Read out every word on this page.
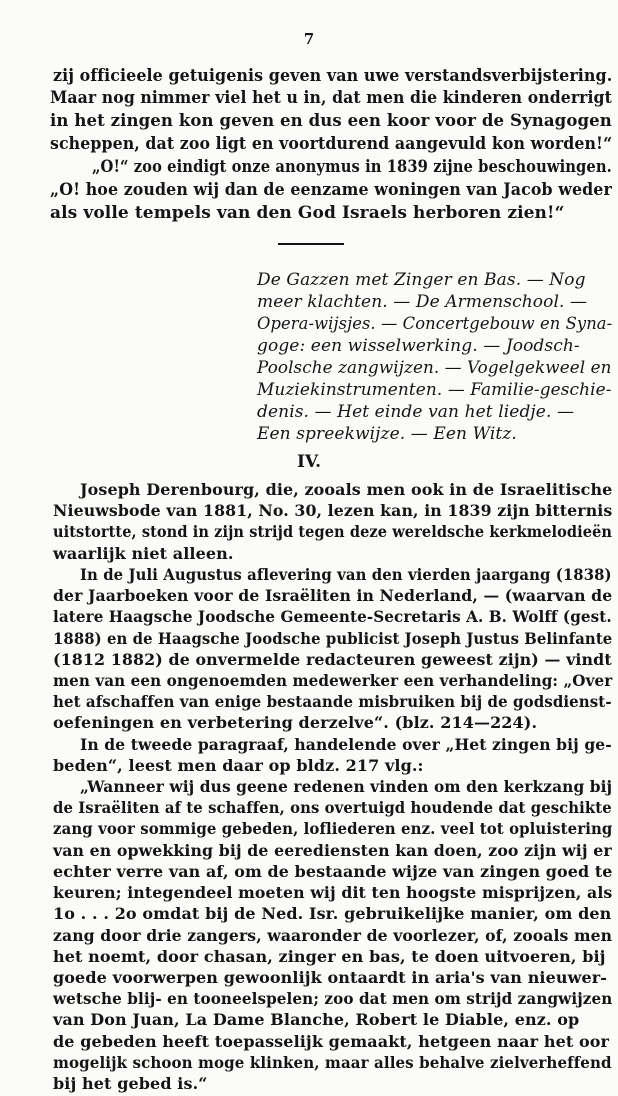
7
zij officieele getuigenis geven van uwe verstandsverbijstering.
Maar nog nimmer viel het u in, dat men die kinderen onderrigt
in het zingen kon geven en dus een koor voor de Synagogen
scheppen, dat zoo ligt en voortdurend aangevuld kon worden!“
„O!“ zoo eindigt onze anonymus in 1839 zijne beschouwingen.
„O! hoe zouden wij dan de eenzame woningen van Jacob weder
als volle tempels van den God Israels herboren zien!“
De Gazzen met Zinger en Bas. — Nog
meer klachten. — De Armenschool. —
Opera-wijsjes. — Concertgebouw en Syna-
goge: een wisselwerking. — Joodsch-
Poolsche zangwijzen. — Vogelgekweel en
Muziekinstrumenten. — Familie-geschie-
denis. — Het einde van het liedje. —
Een spreekwijze. — Een Witz.
IV.
Joseph Derenbourg, die, zooals men ook in de Israelitische
Nieuwsbode van 1881, No. 30, lezen kan, in 1839 zijn bitternis
uitstortte, stond in zijn strijd tegen deze wereldsche kerkmelodieën
waarlijk niet alleen.
In de Juli Augustus aflevering van den vierden jaargang (1838)
der Jaarboeken voor de Israëliten in Nederland, — (waarvan de
latere Haagsche Joodsche Gemeente-Secretaris A. B. Wolff (gest.
1888) en de Haagsche Joodsche publicist Joseph Justus Belinfante
(1812 1882) de onvermelde redacteuren geweest zijn) — vindt
men van een ongenoemden medewerker een verhandeling: „Over
het afschaffen van enige bestaande misbruiken bij de godsdienst-
oefeningen en verbetering derzelve“. (blz. 214—224).
In de tweede paragraaf, handelende over „Het zingen bij ge-
beden“, leest men daar op bldz. 217 vlg.:
„Wanneer wij dus geene redenen vinden om den kerkzang bij
de Israëliten af te schaffen, ons overtuigd houdende dat geschikte
zang voor sommige gebeden, lofliederen enz. veel tot opluistering
van en opwekking bij de eerediensten kan doen, zoo zijn wij er
echter verre van af, om de bestaande wijze van zingen goed te
keuren; integendeel moeten wij dit ten hoogste misprijzen, als
1o . . . 2o omdat bij de Ned. Isr. gebruikelijke manier, om den
zang door drie zangers, waaronder de voorlezer, of, zooals men
het noemt, door chasan, zinger en bas, te doen uitvoeren, bij
goede voorwerpen gewoonlijk ontaardt in aria's van nieuwer-
wetsche blij- en tooneelspelen; zoo dat men om strijd zangwijzen
van Don Juan, La Dame Blanche, Robert le Diable, enz. op
de gebeden heeft toepasselijk gemaakt, hetgeen naar het oor
mogelijk schoon moge klinken, maar alles behalve zielverheffend
bij het gebed is.“
